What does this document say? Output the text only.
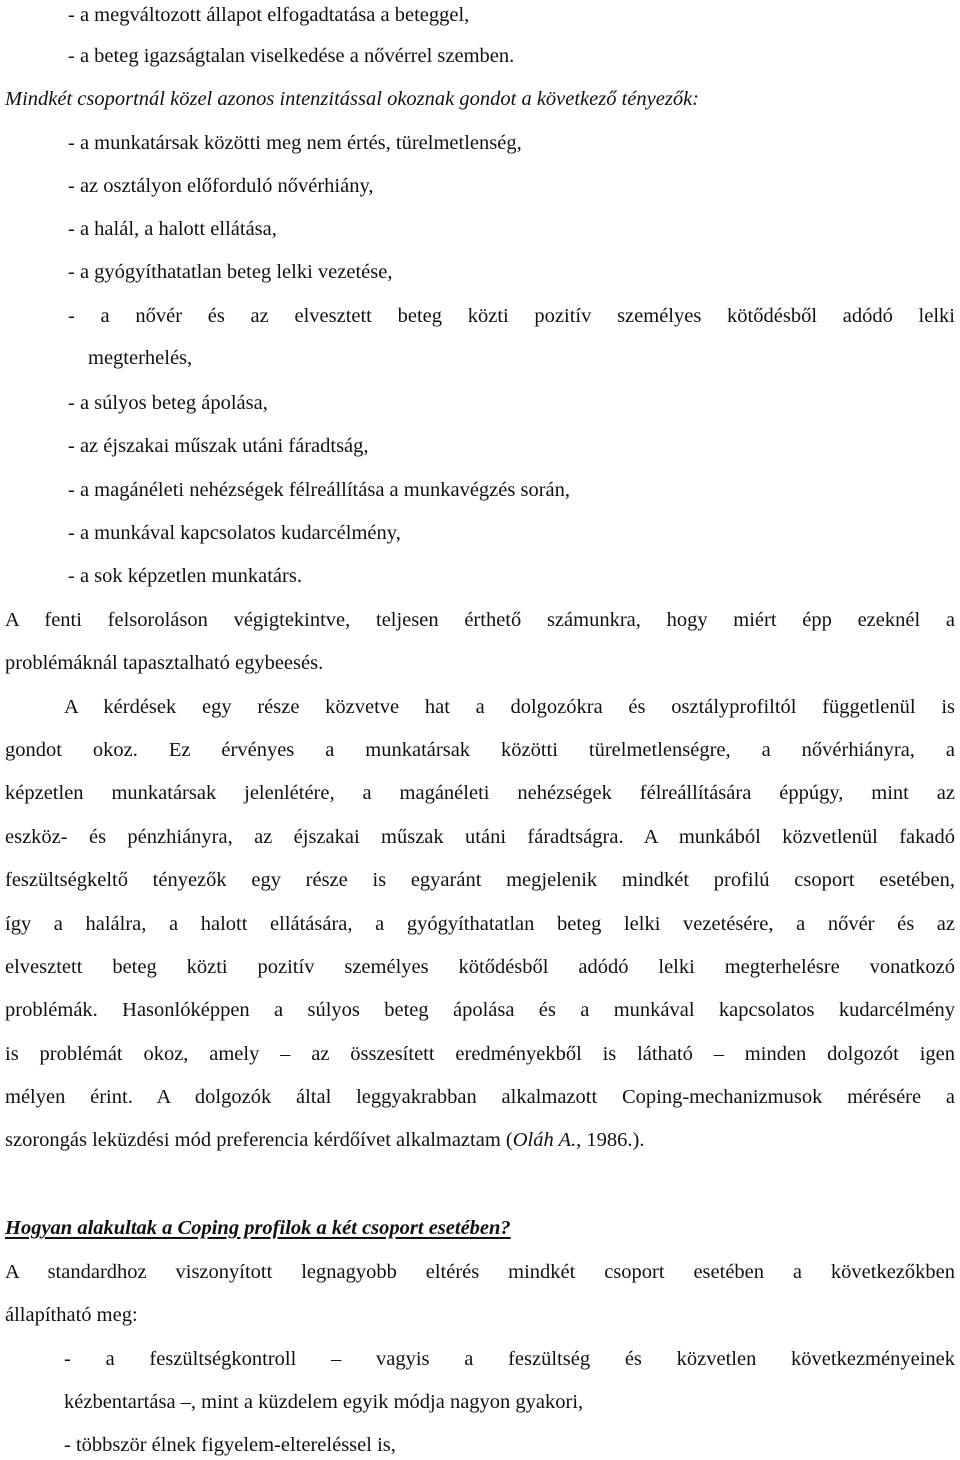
- a megváltozott állapot elfogadtatása a beteggel,
- a beteg igazságtalan viselkedése a nővérrel szemben.
Mindkét csoportnál közel azonos intenzitással okoznak gondot a következő tényezők:
- a munkatársak közötti meg nem értés, türelmetlenség,
- az osztályon előforduló nővérhiány,
- a halál, a halott ellátása,
- a gyógyíthatatlan beteg lelki vezetése,
- a nővér és az elvesztett beteg közti pozitív személyes kötődésből adódó lelki
megterhelés,
- a súlyos beteg ápolása,
- az éjszakai műszak utáni fáradtság,
- a magánéleti nehézségek félreállítása a munkavégzés során,
- a munkával kapcsolatos kudarcélmény,
- a sok képzetlen munkatárs.
A fenti felsoroláson végigtekintve, teljesen érthető számunkra, hogy miért épp ezeknél a
problémáknál tapasztalható egybeesés.
A kérdések egy része közvetve hat a dolgozókra és osztályprofiltól függetlenül is
gondot okoz. Ez érvényes a munkatársak közötti türelmetlenségre, a nővérhiányra, a
képzetlen munkatársak jelenlétére, a magánéleti nehézségek félreállítására éppúgy, mint az
eszköz- és pénzhiányra, az éjszakai műszak utáni fáradtságra. A munkából közvetlenül fakadó
feszültségkeltő tényezők egy része is egyaránt megjelenik mindkét profilú csoport esetében,
így a halálra, a halott ellátására, a gyógyíthatatlan beteg lelki vezetésére, a nővér és az
elvesztett beteg közti pozitív személyes kötődésből adódó lelki megterhelésre vonatkozó
problémák. Hasonlóképpen a súlyos beteg ápolása és a munkával kapcsolatos kudarcélmény
is problémát okoz, amely – az összesített eredményekből is látható – minden dolgozót igen
mélyen érint. A dolgozók által leggyakrabban alkalmazott Coping-mechanizmusok mérésére a
szorongás leküzdési mód preferencia kérdőívet alkalmaztam (Oláh A., 1986.).
Hogyan alakultak a Coping profilok a két csoport esetében?
A standardhoz viszonyított legnagyobb eltérés mindkét csoport esetében a következőkben
állapítható meg:
- a feszültségkontroll – vagyis a feszültség és közvetlen következményeinek
kézbentartása –, mint a küzdelem egyik módja nagyon gyakori,
- többször élnek figyelem-eltereléssel is,
